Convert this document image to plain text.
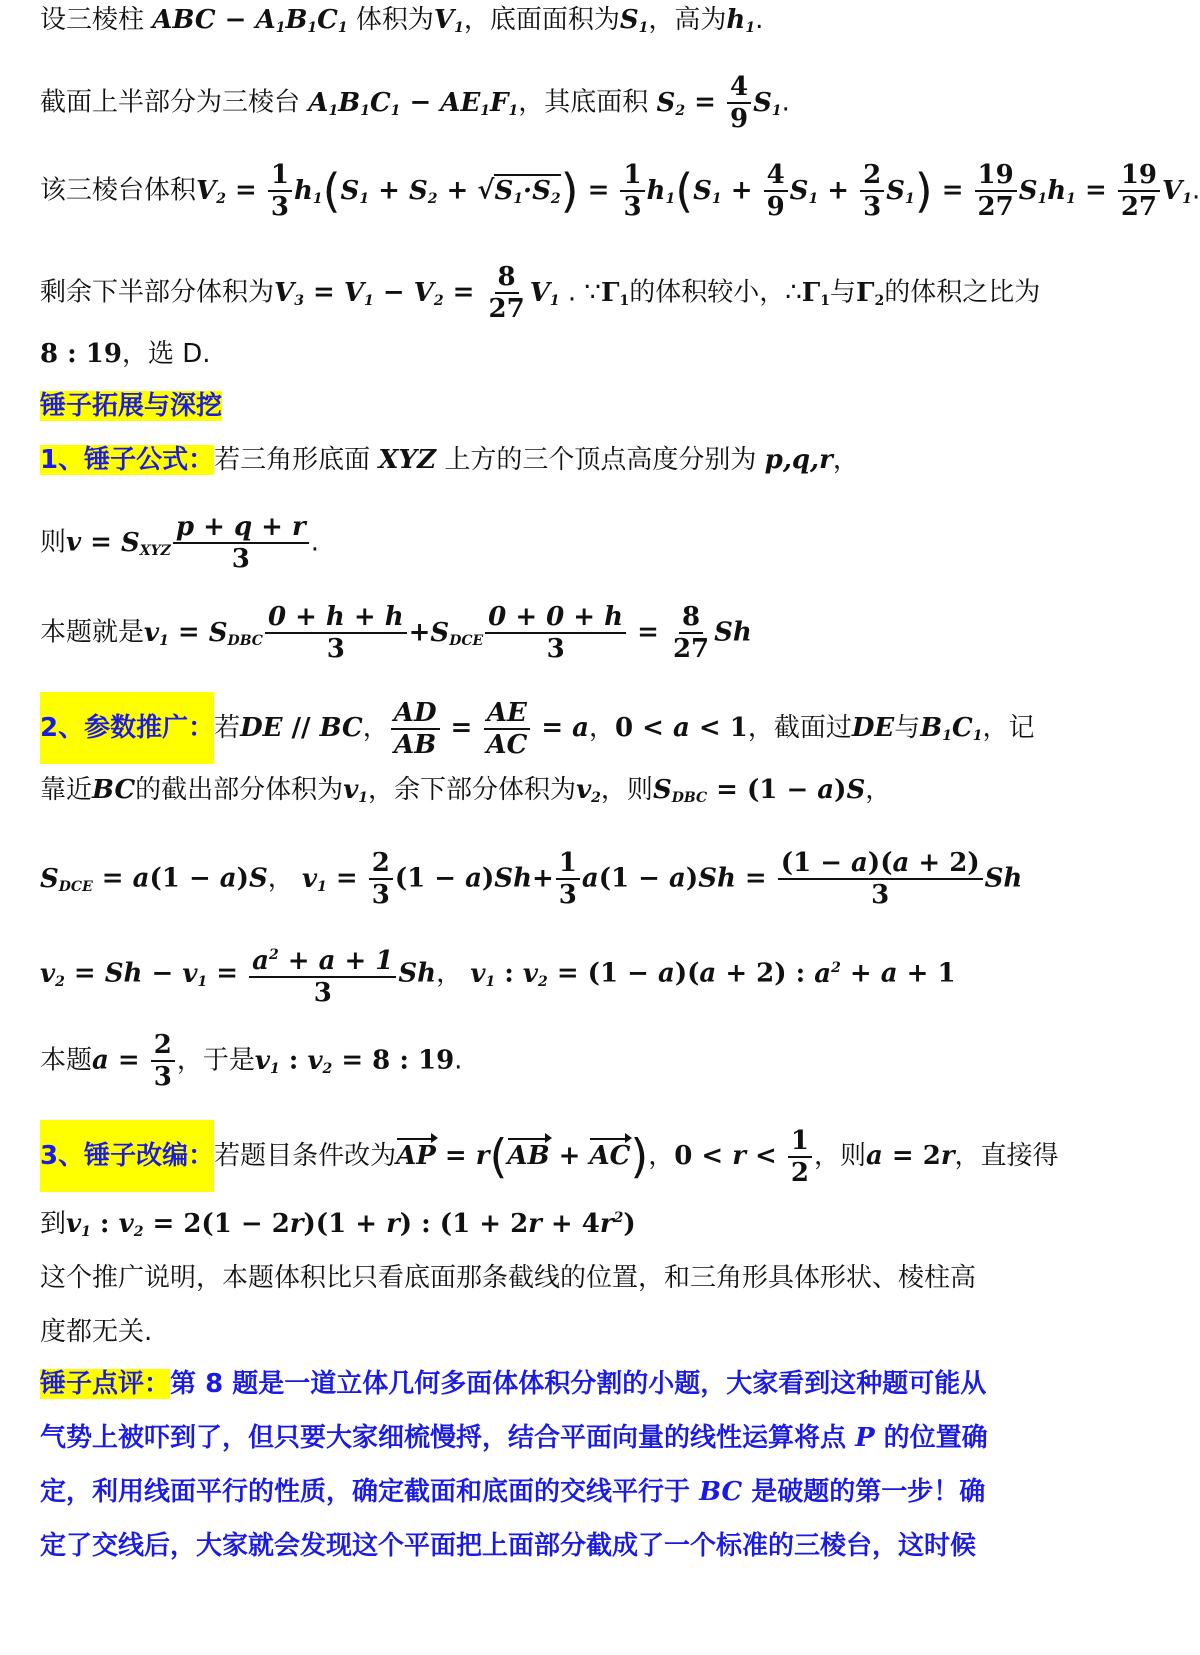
设三棱柱 ABC − $A_1B_1C_1$ 体积为$V_1$，底面面积为$S_1$，高为$h_1$.
截面上半部分为三棱台 $A_1B_1C_1 - AE_1F_1$，其底面积 $S_2 = \frac{4}{9} S_1$.
该三棱台体积$V_2 = \frac{1}{3} h_1(S_1 + S_2 + √S_1\cdot S_2) = \frac{1}{3} h_1(S_1 + \frac{4}{9} S_1 + \frac{2}{3} S_1) = \frac{19}{27} S_1h_1 = \frac{19}{27} V_1$.
剩余下半部分体积为$V_3 = V_1 - V_2 = \frac{8}{27} V_1$ . $\because\Gamma_1$的体积较小，$\therefore\Gamma_1$与$\Gamma_2$的体积之比为
8 : 19，选 D.
锤子拓展与深挖
1、锤子公式：若三角形底面 XYZ 上方的三个顶点高度分别为 p,q,r，
则$v = S_{XYZ} \frac{p + q + r}{3}$ .
本题就是$v_1 = S_{DBC} \frac{0 + h + h}{3} +S_{DCE} \frac{0 + 0 + h}{3} = \frac{8}{27}$ Sh
2、参数推广：若DE // BC， $\frac{AD}{AB} = \frac{AE}{AC} = a$，0 < a < 1，截面过DE与$B_1C_1$，记
靠近BC的截出部分体积为$v_1$，余下部分体积为$v_2$，则$S_{DBC} = (1 - a)S$，
$S_{DCE} = a(1 - a)S$， $v_1 = \frac{2}{3} (1 - a)Sh+ \frac{1}{3} a(1 - a)Sh = \frac{(1 - a)(a + 2)}{3}$ Sh
$v_2 = Sh - v_1 = \frac{a^2 + a + 1}{3}$ Sh， $v_1$ : $v_2 = (1 - a)(a + 2)$ : $a^2 + a + 1$
本题$a = \frac{2}{3}$ ，于是$v_1$ : $v_2 = 8$ : 19.
3、锤子改编：若题目条件改为AP = r(AB + AC)，$0 < r < \frac{1}{2}$ ，则a = 2r，直接得
到$v_1$ : $v_2 = 2(1 - 2r)(1 + r)$ : $(1 + 2r + 4r^2)$
这个推广说明，本题体积比只看底面那条截线的位置，和三角形具体形状、棱柱高
度都无关.
锤子点评：第 8 题是一道立体几何多面体体积分割的小题，大家看到这种题可能从
气势上被吓到了，但只要大家细梳慢捋，结合平面向量的线性运算将点 P 的位置确
定，利用线面平行的性质，确定截面和底面的交线平行于 BC 是破题的第一步！确
定了交线后，大家就会发现这个平面把上面部分截成了一个标准的三棱台，这时候
